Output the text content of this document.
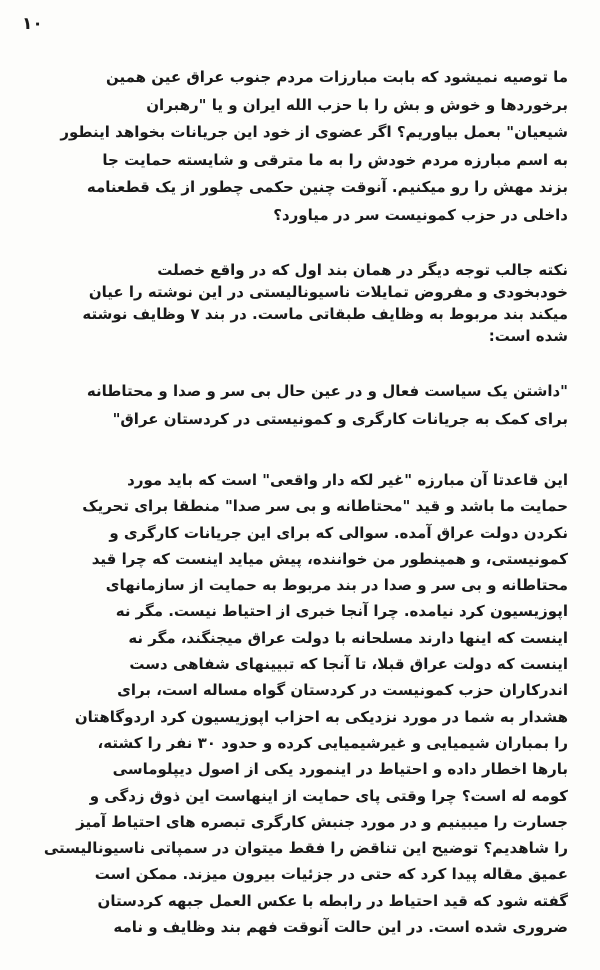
۱۰
ما توصیه نمیشود که بابت مبارزات مردم جنوب عراق عین همین
برخوردها و خوش و بش را با حزب الله ایران و یا "رهبران
شیعیان" بعمل بیاوریم؟ اگر عضوی از خود این جریانات بخواهد اینطور
به اسم مبارزه مردم خودش را به ما مترقی و شایسته حمایت جا
بزند مهش را رو میکنیم. آنوقت چنین حکمی چطور از یک قطعنامه
داخلی در حزب کمونیست سر در میاورد؟
نکته جالب توجه دیگر در همان بند اول که در واقع خصلت
خودبخودی و مفروض تمایلات ناسیونالیستی در این نوشته را عیان
میکند بند مربوط به وظایف طبقاتی ماست. در بند ۷ وظایف نوشته
شده است:
"داشتن یک سیاست فعال و در عین حال بی سر و صدا و محتاطانه
برای کمک به جریانات کارگری و کمونیستی در کردستان عراق"
این قاعدتا آن مبارزه "غیر لکه دار واقعی" است که باید مورد
حمایت ما باشد و قید "محتاطانه و بی سر صدا" منطقا برای تحریک
نکردن دولت عراق آمده. سوالی که برای این جریانات کارگری و
کمونیستی، و همینطور من خواننده، پیش میاید اینست که چرا قید
محتاطانه و بی سر و صدا در بند مربوط به حمایت از سازمانهای
اپوزیسیون کرد نیامده. چرا آنجا خبری از احتیاط نیست. مگر نه
اینست که اینها دارند مسلحانه با دولت عراق میجنگند، مگر نه
اینست که دولت عراق قبلا، تا آنجا که تبیینهای شفاهی دست
اندرکاران حزب کمونیست در کردستان گواه مساله است، برای
هشدار به شما در مورد نزدیکی به احزاب اپوزیسیون کرد اردوگاهتان
را بمباران شیمیایی و غیرشیمیایی کرده و حدود ۳۰ نفر را کشته،
بارها اخطار داده و احتیاط در اینمورد یکی از اصول دیپلوماسی
کومه له است؟ چرا وقتی پای حمایت از اینهاست این ذوق زدگی و
جسارت را میبینیم و در مورد جنبش کارگری تبصره های احتیاط آمیز
را شاهدیم؟ توضیح این تناقض را فقط میتوان در سمپاتی ناسیونالیستی
عمیق مقاله پیدا کرد که حتی در جزئیات بیرون میزند. ممکن است
گفته شود که قید احتیاط در رابطه با عکس العمل جبهه کردستان
ضروری شده است. در این حالت آنوقت فهم بند وظایف و نامه
